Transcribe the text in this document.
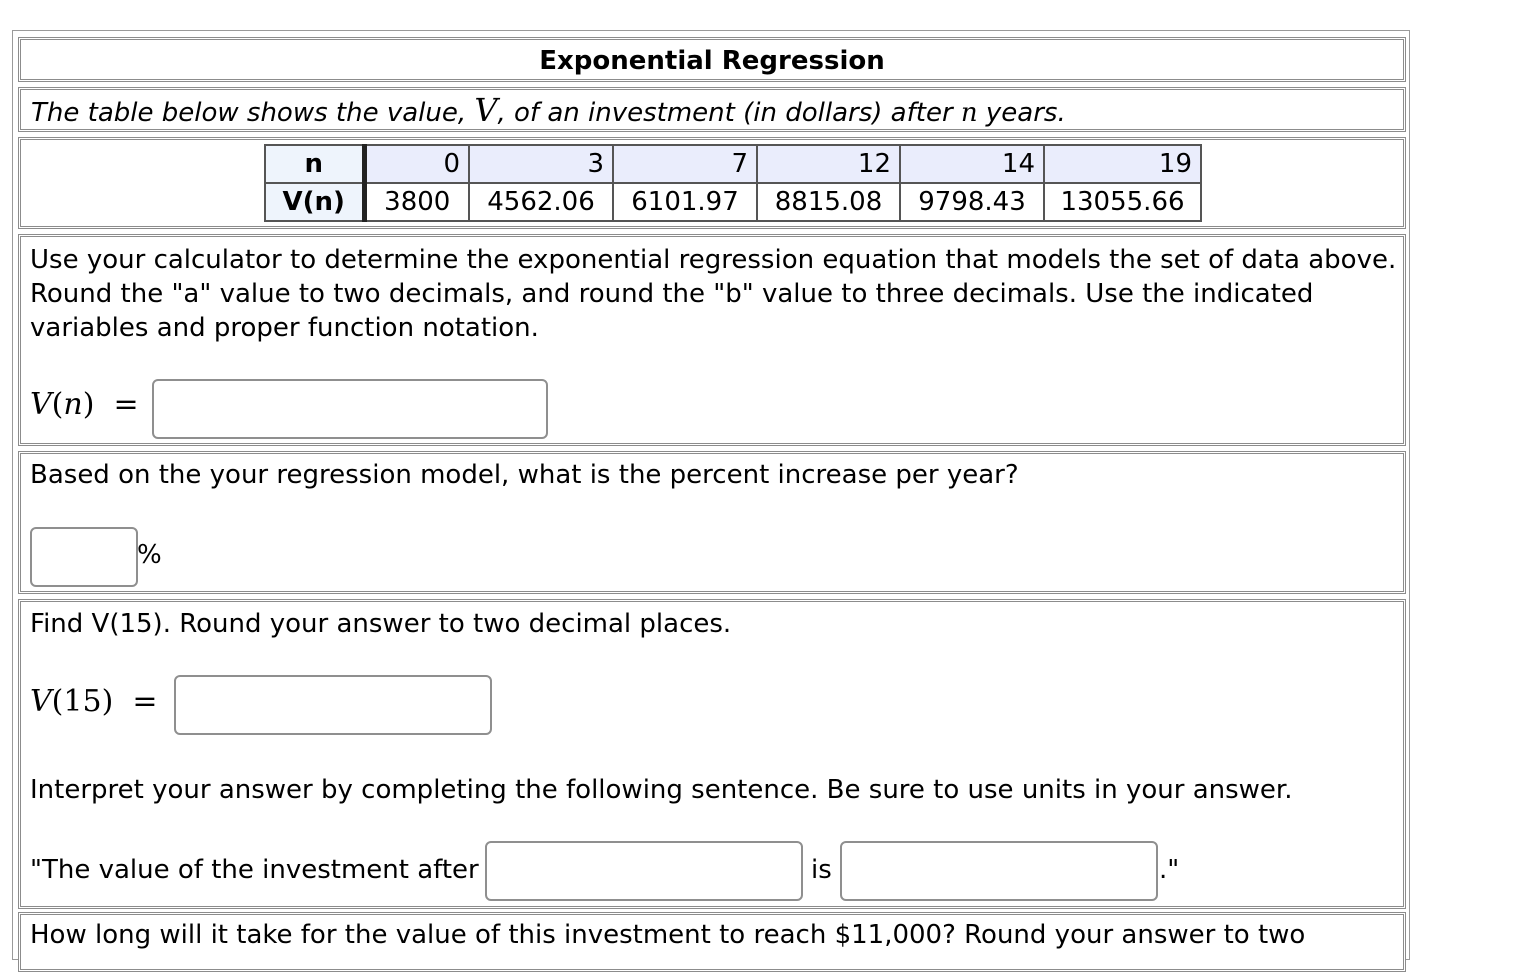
Exponential Regression
The table below shows the value, V, of an investment (in dollars) after n years.
n	0	3	7	12	14	19
V(n)	3800	4562.06	6101.97	8815.08	9798.43	13055.66
Use your calculator to determine the exponential regression equation that models the set of data above. Round the "a" value to two decimals, and round the "b" value to three decimals. Use the indicated variables and proper function notation.
V(n)  =
Based on the your regression model, what is the percent increase per year?
%
Find V(15). Round your answer to two decimal places.
V(15)  =
Interpret your answer by completing the following sentence. Be sure to use units in your answer.
"The value of the investment after	is	."
How long will it take for the value of this investment to reach $11,000? Round your answer to two
